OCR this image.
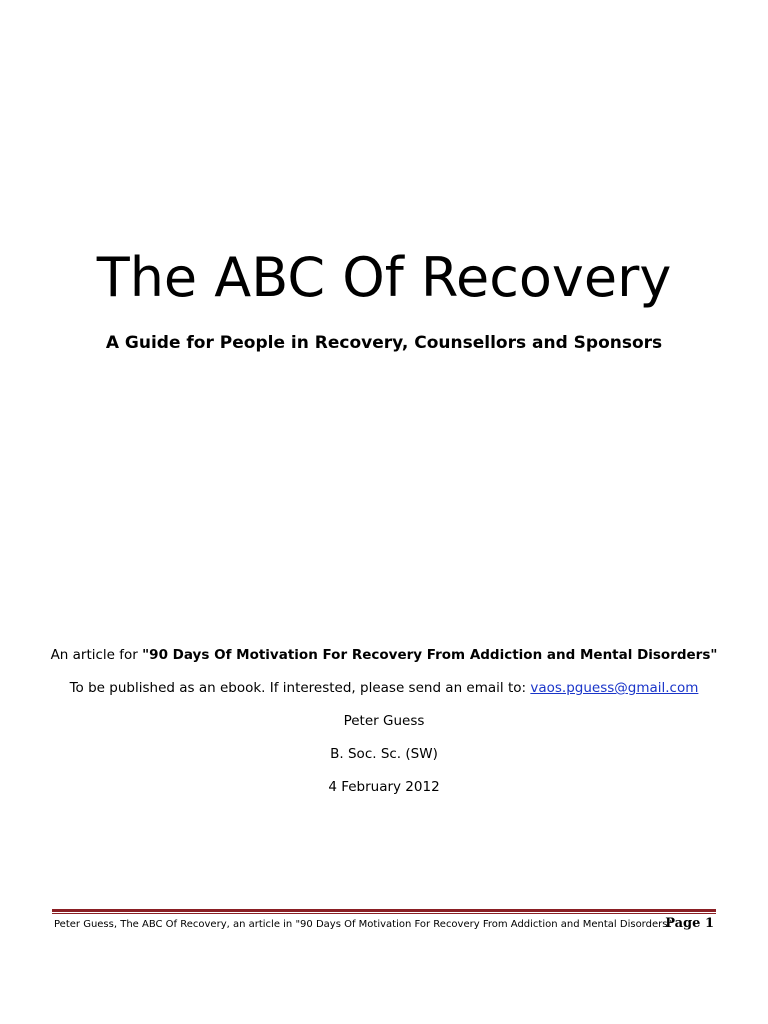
The ABC Of Recovery
A Guide for People in Recovery, Counsellors and Sponsors
An article for "90 Days Of Motivation For Recovery From Addiction and Mental Disorders"
To be published as an ebook. If interested, please send an email to: vaos.pguess@gmail.com
Peter Guess
B. Soc. Sc. (SW)
4 February 2012
Peter Guess, The ABC Of Recovery, an article in "90 Days Of Motivation For Recovery From Addiction and Mental Disorders"
Page 1
